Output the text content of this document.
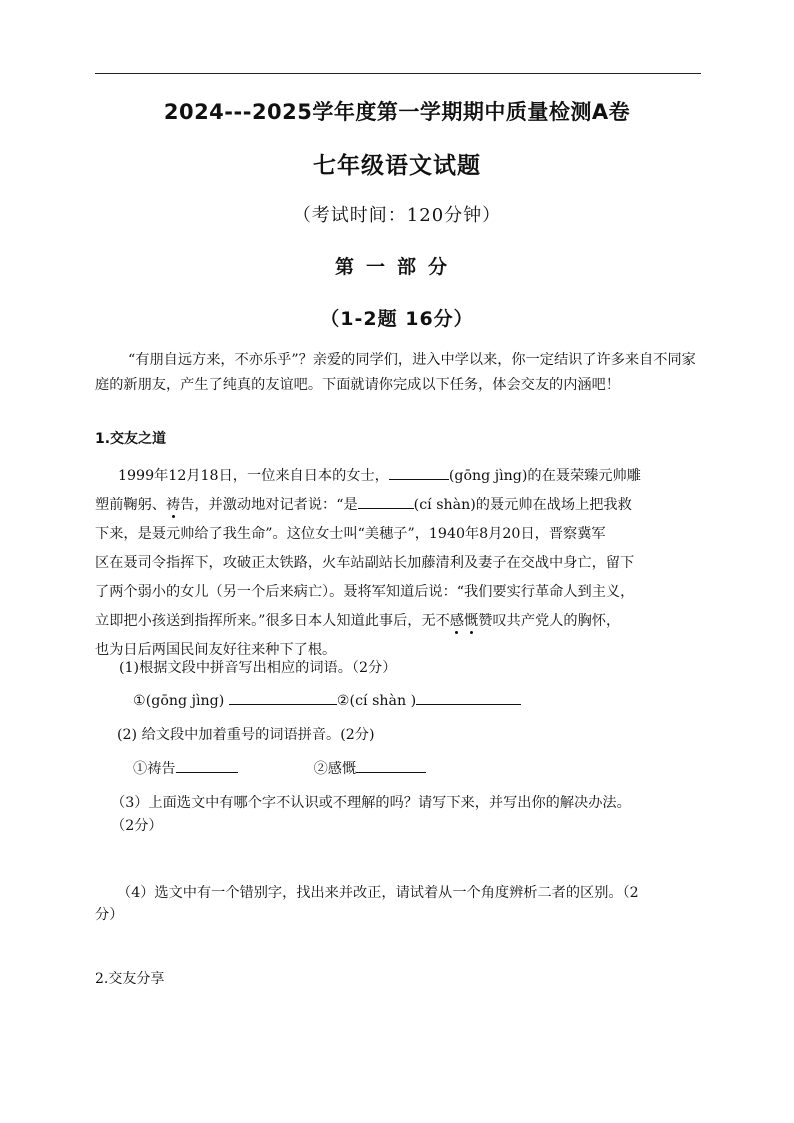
2024---2025学年度第一学期期中质量检测A卷
七年级语文试题
（考试时间：120分钟）
第一部分
（1-2题 16分）
“有朋自远方来，不亦乐乎”？亲爱的同学们，进入中学以来，你一定结识了许多来自不同家庭的新朋友，产生了纯真的友谊吧。下面就请你完成以下任务，体会交友的内涵吧！
1.交友之道
1999年12月18日，一位来自日本的女士，	(gōng jìng)的在聂荣臻元帅雕
塑前鞠躬、祷告，并激动地对记者说：“是	(cí shàn)的聂元帅在战场上把我救
下来，是聂元帅给了我生命”。这位女士叫“美穗子”，1940年8月20日，晋察冀军
区在聂司令指挥下，攻破正太铁路，火车站副站长加藤清利及妻子在交战中身亡，留下
了两个弱小的女儿（另一个后来病亡）。聂将军知道后说：“我们要实行革命人到主义，
立即把小孩送到指挥所来。”很多日本人知道此事后，无不感慨赞叹共产党人的胸怀，
也为日后两国民间友好往来种下了根。
(1)根据文段中拼音写出相应的词语。（2分）
①(gōng jìng)	②(cí shàn )
(2) 给文段中加着重号的词语拼音。(2分)
①祷告	②感慨
（3）上面选文中有哪个字不认识或不理解的吗？请写下来，并写出你的解决办法。
（2分）
（4）选文中有一个错别字，找出来并改正，请试着从一个角度辨析二者的区别。（2
分）
2.交友分享
